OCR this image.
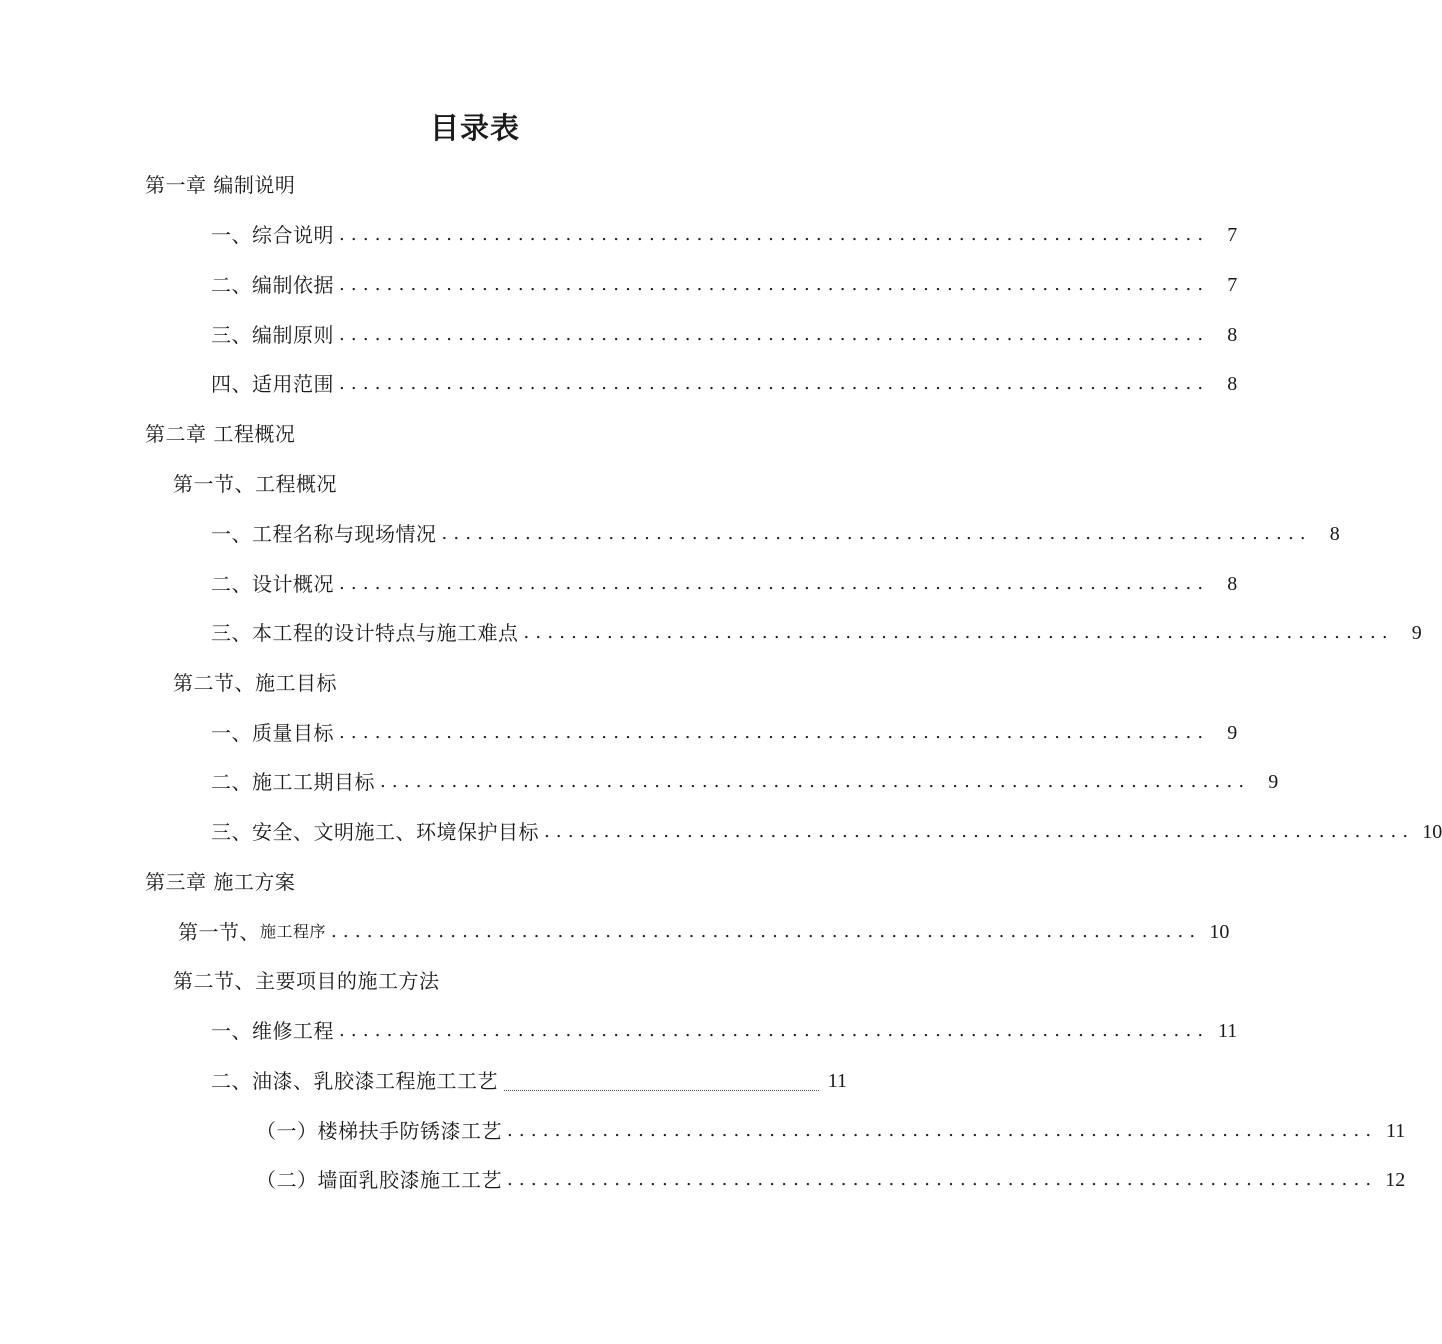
目录表
第一章 编制说明
一、综合说明 ......................................................................... 7
二、编制依据 ......................................................................... 7
三、编制原则 ......................................................................... 8
四、适用范围 ......................................................................... 8
第二章 工程概况
第一节、工程概况
一、工程名称与现场情况 ......................................................................... 8
二、设计概况 ......................................................................... 8
三、本工程的设计特点与施工难点 ......................................................................... 9
第二节、施工目标
一、质量目标 ......................................................................... 9
二、施工工期目标 ......................................................................... 9
三、安全、文明施工、环境保护目标 ......................................................................... 10
第三章 施工方案
第一节、 施工程序 ......................................................................... 10
第二节、主要项目的施工方法
一、维修工程 ......................................................................... 11
二、油漆、乳胶漆工程施工工艺	11
（一）楼梯扶手防锈漆工艺 ......................................................................... 11
（二）墙面乳胶漆施工工艺 ......................................................................... 12
